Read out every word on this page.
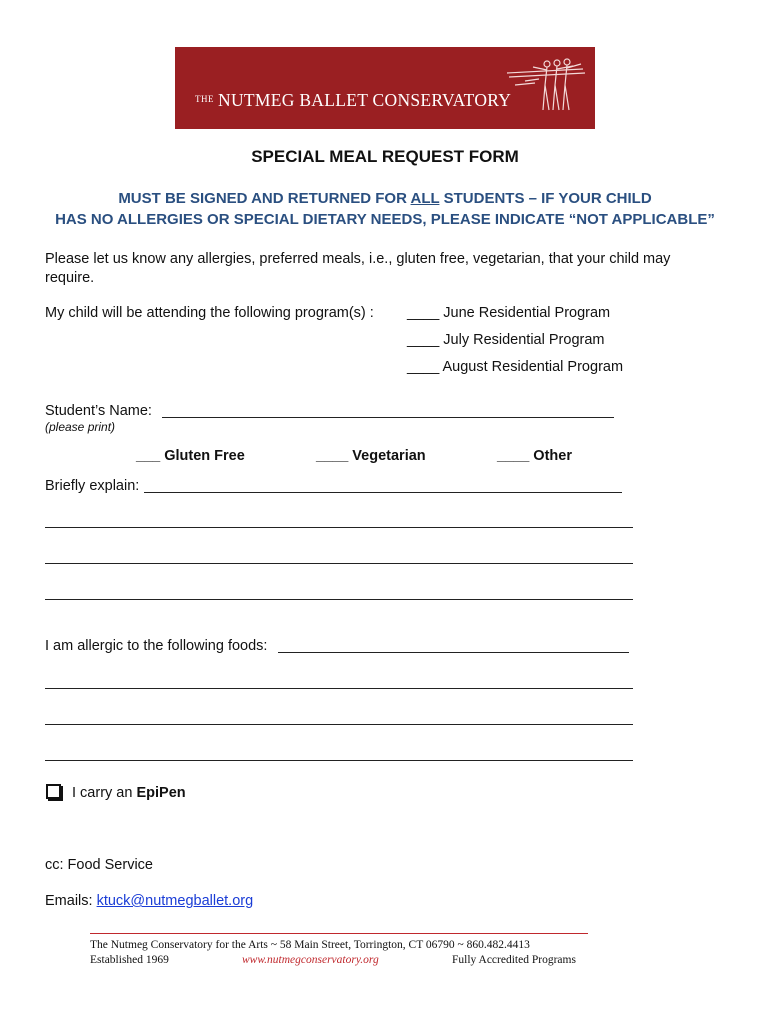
THE NUTMEG BALLET CONSERVATORY
SPECIAL MEAL REQUEST FORM
MUST BE SIGNED AND RETURNED FOR ALL STUDENTS – IF YOUR CHILD
HAS NO ALLERGIES OR SPECIAL DIETARY NEEDS, PLEASE INDICATE “NOT APPLICABLE”
Please let us know any allergies, preferred meals, i.e., gluten free, vegetarian, that your child may require.
My child will be attending the following program(s) : ____ June Residential Program
____ July Residential Program
____ August Residential Program
Student’s Name:
(please print)
___ Gluten Free	____ Vegetarian	____ Other
Briefly explain:
I am allergic to the following foods:
I carry an EpiPen
cc: Food Service
Emails: ktuck@nutmegballet.org
The Nutmeg Conservatory for the Arts ~ 58 Main Street, Torrington, CT 06790 ~ 860.482.4413
Established 1969	www.nutmegconservatory.org	Fully Accredited Programs
